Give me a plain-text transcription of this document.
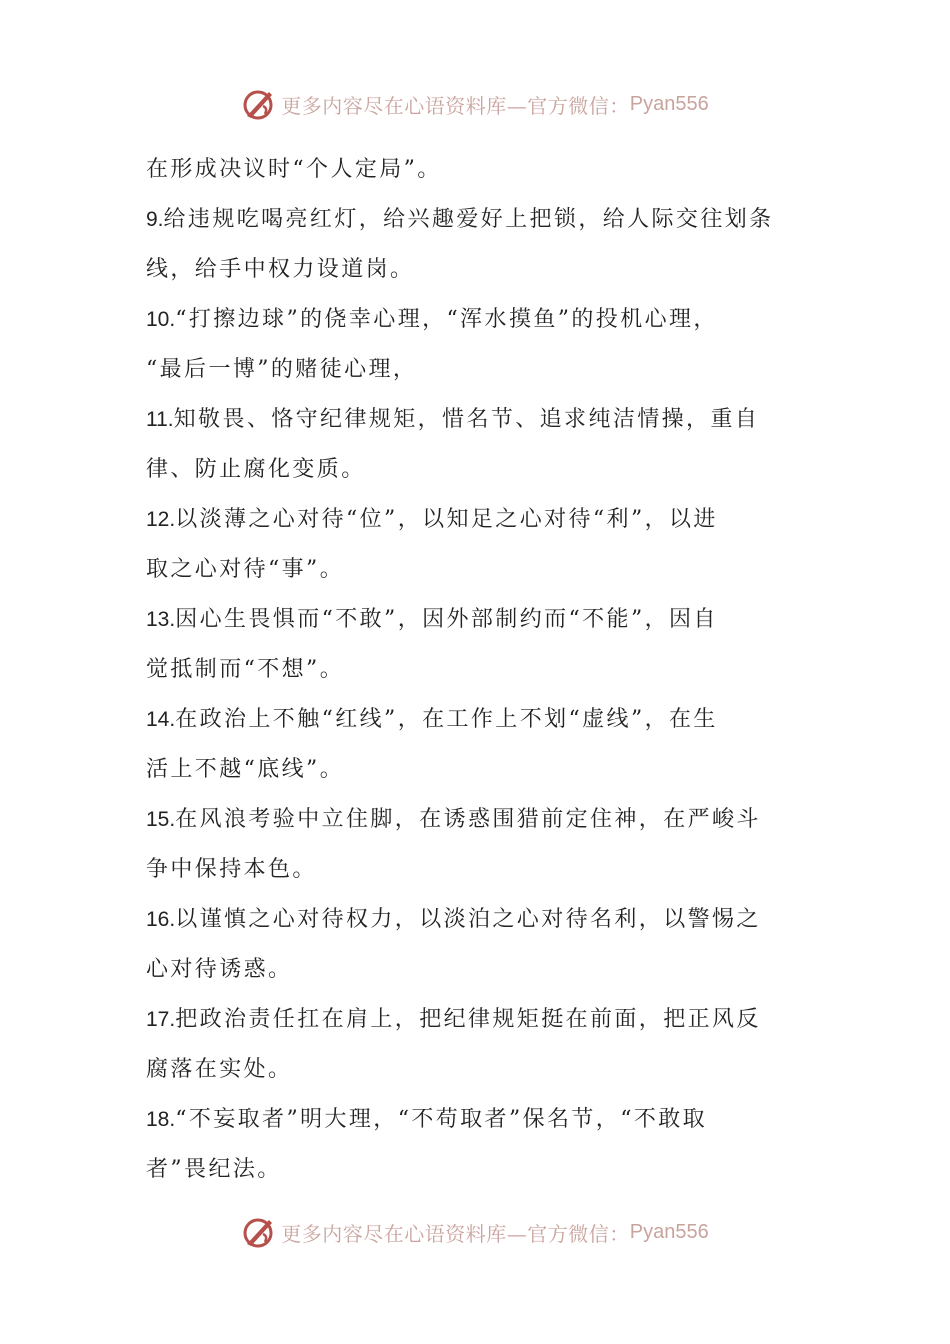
更多内容尽在心语资料库—官方微信： Pyan556
在形成决议时“个人定局”。
9.给违规吃喝亮红灯，给兴趣爱好上把锁，给人际交往划条
线，给手中权力设道岗。
10.“打擦边球”的侥幸心理，“浑水摸鱼”的投机心理，
“最后一博”的赌徒心理，
11.知敬畏、恪守纪律规矩，惜名节、追求纯洁情操，重自
律、防止腐化变质。
12.以淡薄之心对待“位”，以知足之心对待“利”，以进
取之心对待“事”。
13.因心生畏惧而“不敢”，因外部制约而“不能”，因自
觉抵制而“不想”。
14.在政治上不触“红线”，在工作上不划“虚线”，在生
活上不越“底线”。
15.在风浪考验中立住脚，在诱惑围猎前定住神，在严峻斗
争中保持本色。
16.以谨慎之心对待权力，以淡泊之心对待名利，以警惕之
心对待诱惑。
17.把政治责任扛在肩上，把纪律规矩挺在前面，把正风反
腐落在实处。
18.“不妄取者”明大理，“不苟取者”保名节，“不敢取
者”畏纪法。
更多内容尽在心语资料库—官方微信： Pyan556
